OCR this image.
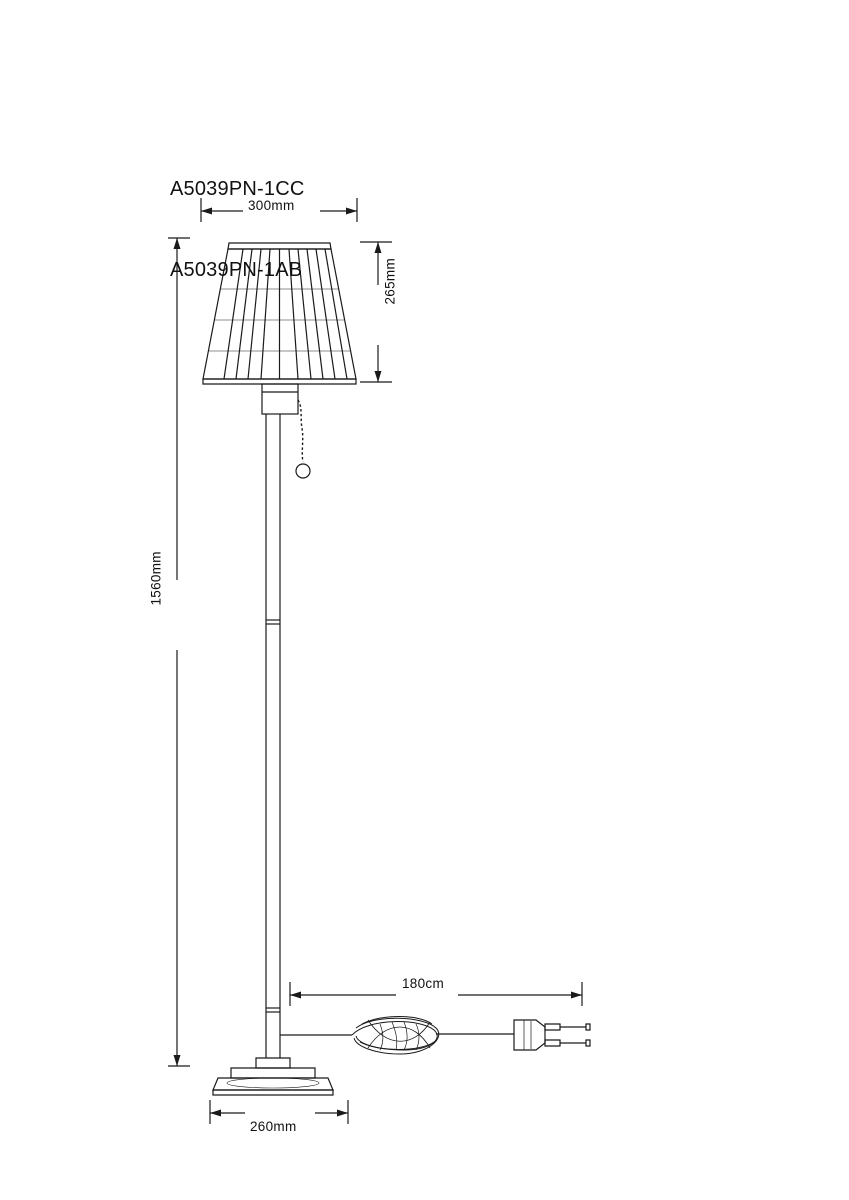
A5039PN-1CC

A5039PN-1AB

300mm
265mm
1560mm
180cm
260mm
